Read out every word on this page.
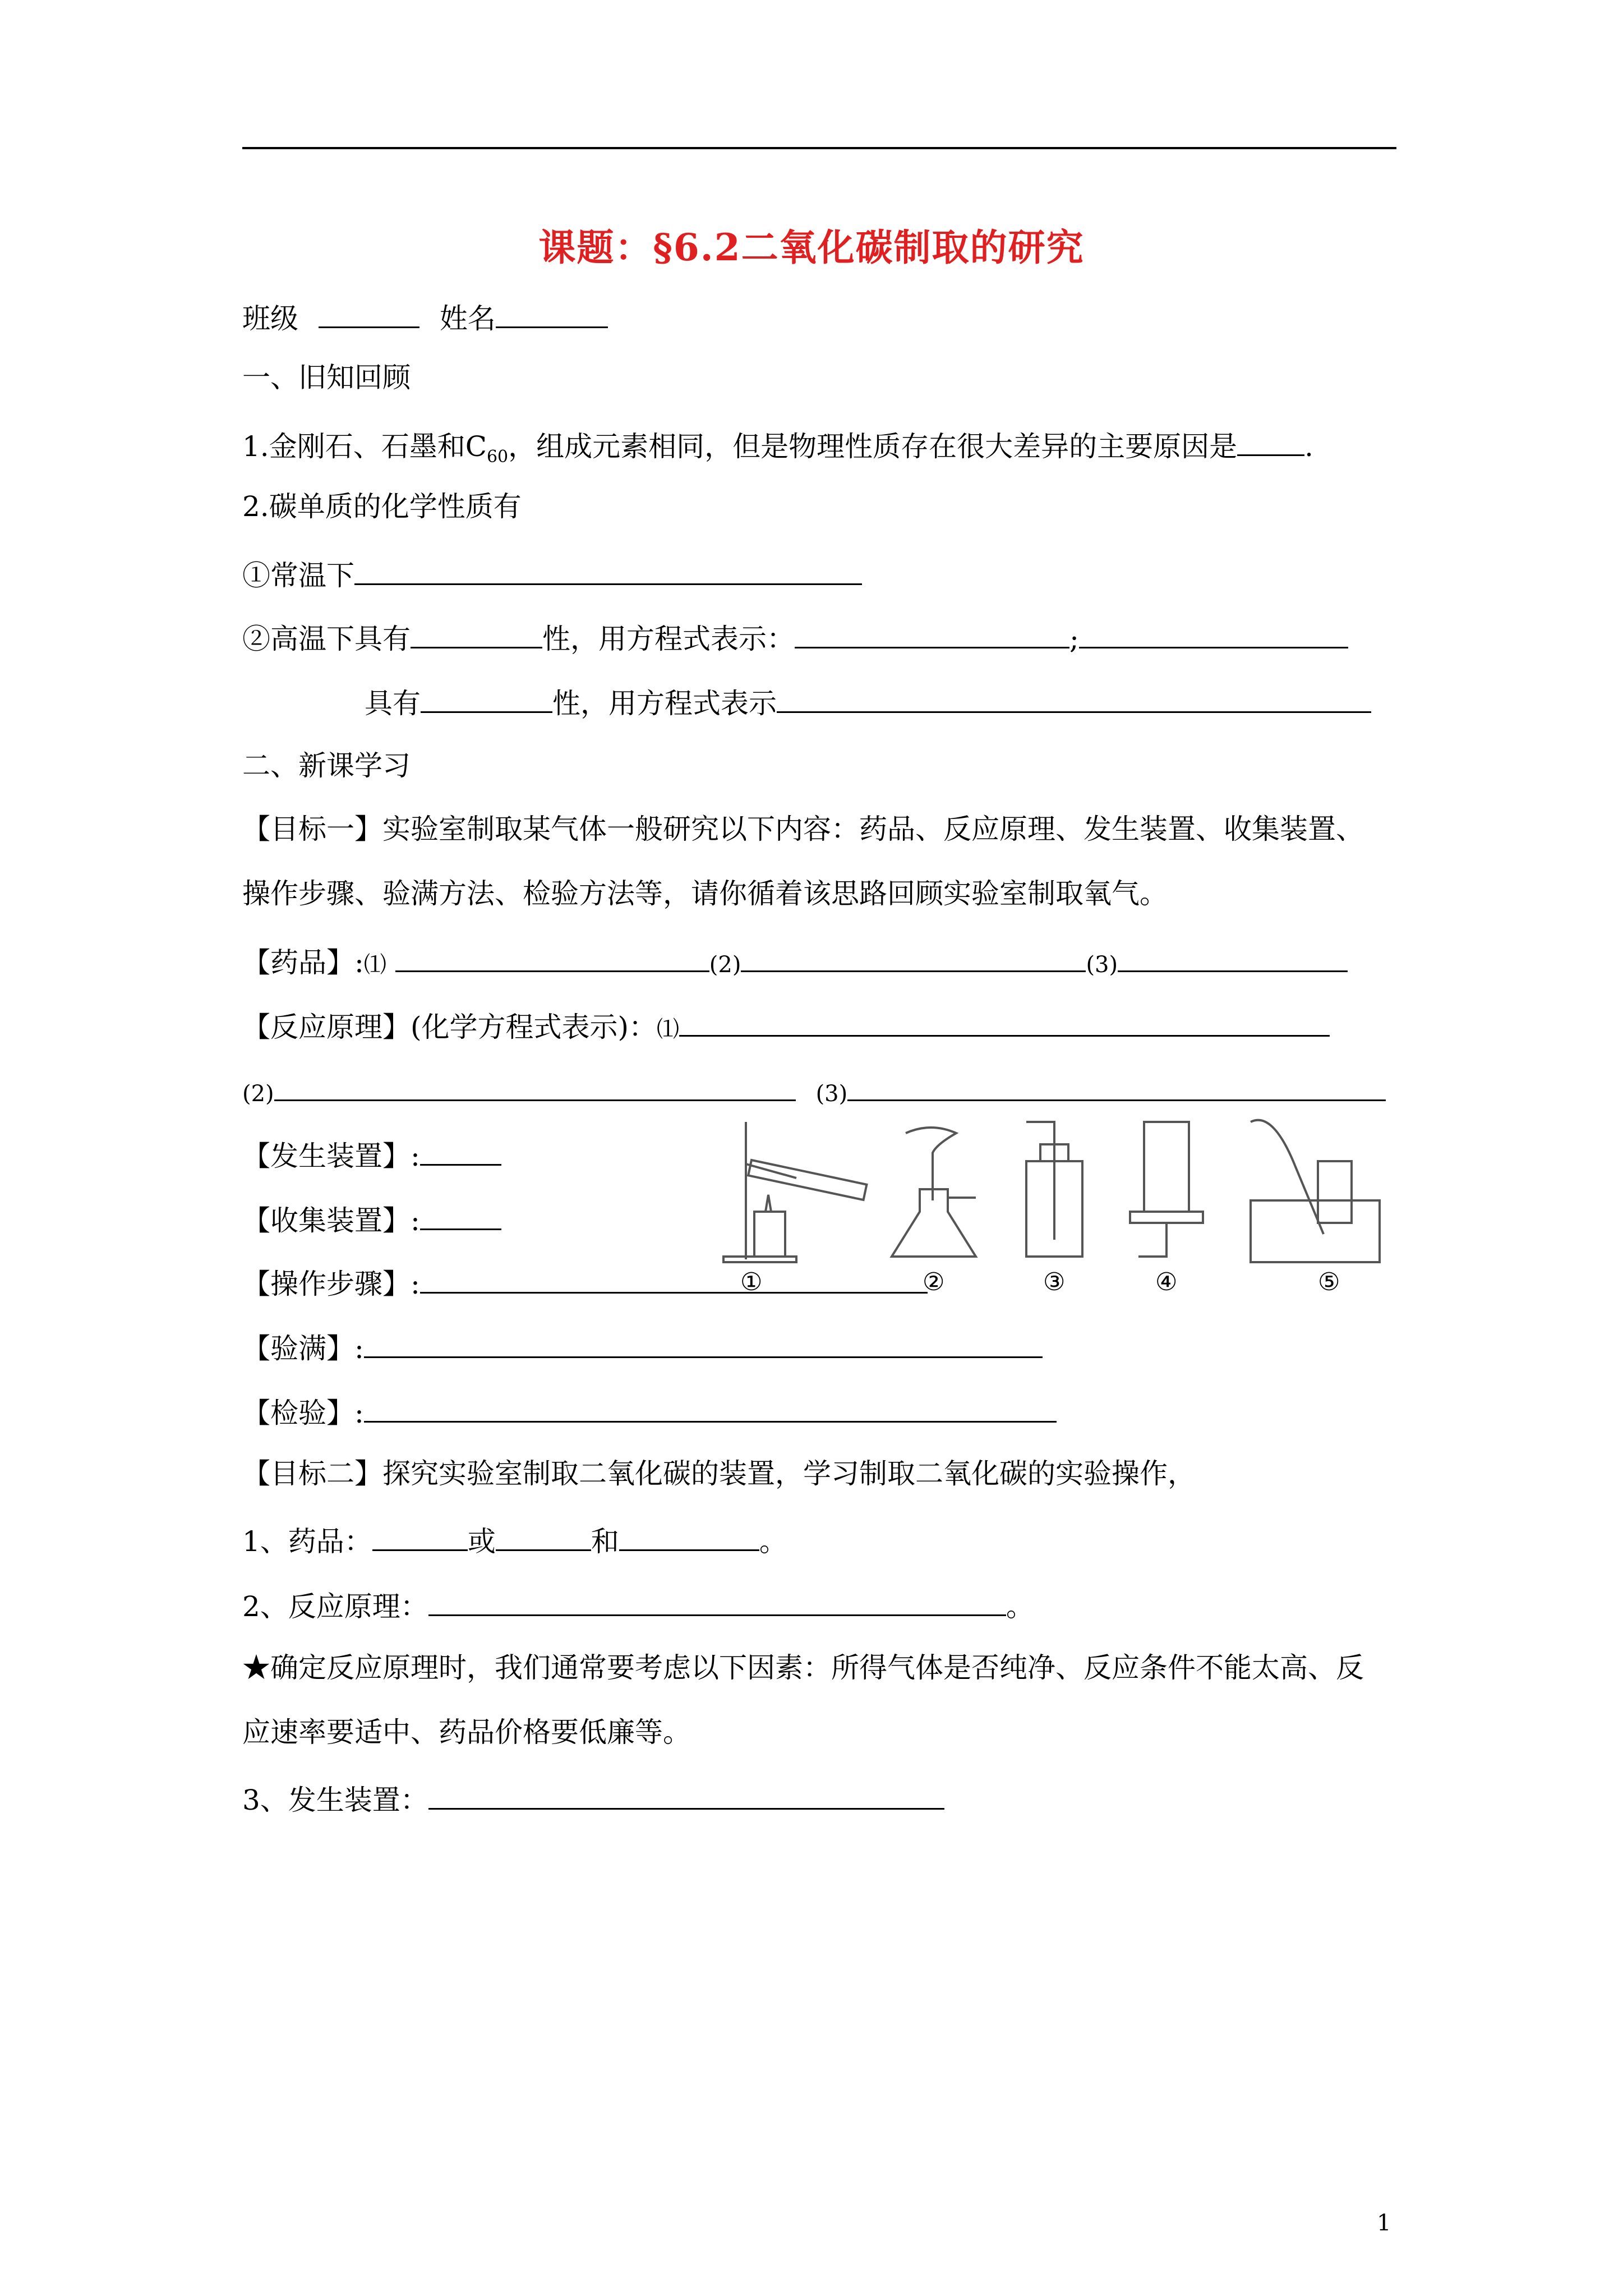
课题：§6.2二氧化碳制取的研究
班级	姓名
一、旧知回顾
1.金刚石、石墨和$C_{60}$，组成元素相同，但是物理性质存在很大差异的主要原因是 .
2.碳单质的化学性质有
①常温下
②高温下具有	性，用方程式表示：	;
具有	性，用方程式表示
二、新课学习
【目标一】实验室制取某气体一般研究以下内容：药品、反应原理、发生装置、收集装置、
操作步骤、验满方法、检验方法等，请你循着该思路回顾实验室制取氧气。
【药品】:⑴	(2)	(3)
【反应原理】(化学方程式表示)：⑴
(2)	(3)
【发生装置】:
【收集装置】:
【操作步骤】:
【验满】:
【检验】:
①	②	③	④	⑤
【目标二】探究实验室制取二氧化碳的装置，学习制取二氧化碳的实验操作，
1、药品：	或	和	。
2、反应原理：	。
★确定反应原理时，我们通常要考虑以下因素：所得气体是否纯净、反应条件不能太高、反
应速率要适中、药品价格要低廉等。
3、发生装置：
1
